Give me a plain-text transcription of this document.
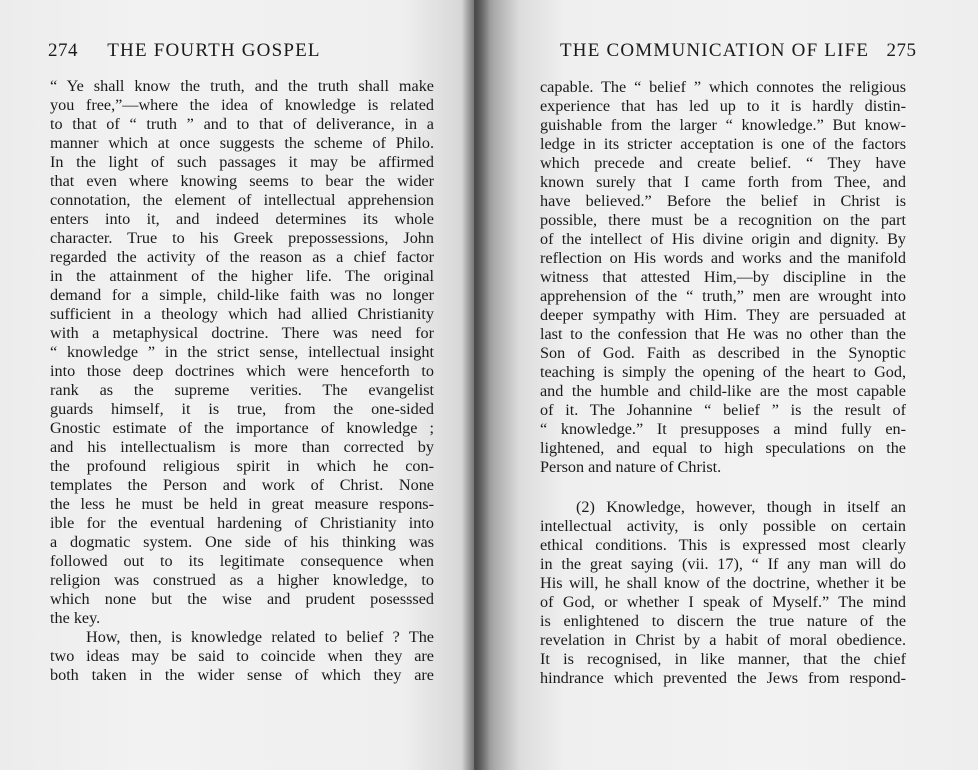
274 THE FOURTH GOSPEL
“ Ye shall know the truth, and the truth shall make
you free,”—where the idea of knowledge is related
to that of “ truth ” and to that of deliverance, in a
manner which at once suggests the scheme of Philo.
In the light of such passages it may be affirmed
that even where knowing seems to bear the wider
connotation, the element of intellectual apprehension
enters into it, and indeed determines its whole
character. True to his Greek prepossessions, John
regarded the activity of the reason as a chief factor
in the attainment of the higher life. The original
demand for a simple, child-like faith was no longer
sufficient in a theology which had allied Christianity
with a metaphysical doctrine. There was need for
“ knowledge ” in the strict sense, intellectual insight
into those deep doctrines which were henceforth to
rank as the supreme verities. The evangelist
guards himself, it is true, from the one-sided
Gnostic estimate of the importance of knowledge ;
and his intellectualism is more than corrected by
the profound religious spirit in which he con-
templates the Person and work of Christ. None
the less he must be held in great measure respons-
ible for the eventual hardening of Christianity into
a dogmatic system. One side of his thinking was
followed out to its legitimate consequence when
religion was construed as a higher knowledge, to
which none but the wise and prudent posesssed
the key.
How, then, is knowledge related to belief ? The
two ideas may be said to coincide when they are
both taken in the wider sense of which they are
THE COMMUNICATION OF LIFE 275
capable. The “ belief ” which connotes the religious
experience that has led up to it is hardly distin-
guishable from the larger “ knowledge.” But know-
ledge in its stricter acceptation is one of the factors
which precede and create belief. “ They have
known surely that I came forth from Thee, and
have believed.” Before the belief in Christ is
possible, there must be a recognition on the part
of the intellect of His divine origin and dignity. By
reflection on His words and works and the manifold
witness that attested Him,—by discipline in the
apprehension of the “ truth,” men are wrought into
deeper sympathy with Him. They are persuaded at
last to the confession that He was no other than the
Son of God. Faith as described in the Synoptic
teaching is simply the opening of the heart to God,
and the humble and child-like are the most capable
of it. The Johannine “ belief ” is the result of
“ knowledge.” It presupposes a mind fully en-
lightened, and equal to high speculations on the
Person and nature of Christ.
(2) Knowledge, however, though in itself an
intellectual activity, is only possible on certain
ethical conditions. This is expressed most clearly
in the great saying (vii. 17), “ If any man will do
His will, he shall know of the doctrine, whether it be
of God, or whether I speak of Myself.” The mind
is enlightened to discern the true nature of the
revelation in Christ by a habit of moral obedience.
It is recognised, in like manner, that the chief
hindrance which prevented the Jews from respond-
